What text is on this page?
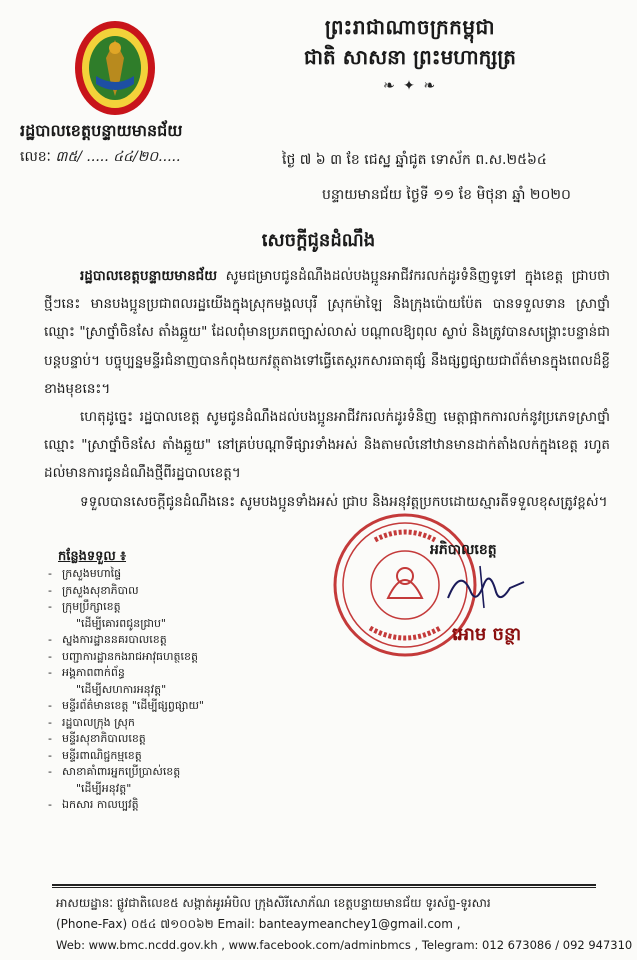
ព្រះរាជាណាចក្រកម្ពុជា
ជាតិ សាសនា ព្រះមហាក្សត្រ
❧ ✦ ❧
រដ្ឋបាលខេត្តបន្ទាយមានជ័យ
លេខៈ ៣៥/ ..... ៤៤/២០.....	ថ្ងៃ ៧ ៦ ៣ ខែ ជេស្ឋ ឆ្នាំជូត ទោស័ក ព.ស.២៥៦៤
បន្ទាយមានជ័យ ថ្ងៃទី ១១ ខែ មិថុនា ឆ្នាំ ២០២០
សេចក្តីជូនដំណឹង

រដ្ឋបាលខេត្តបន្ទាយមានជ័យ សូមជម្រាបជូនដំណឹងដល់បងប្អូនអាជីវករលក់ដូរទំនិញទូទៅ ក្នុងខេត្ត ជ្រាបថា ថ្មីៗនេះ មានបងប្អូនប្រជាពលរដ្ឋយើងក្នុងស្រុកមង្គលបុរី ស្រុកម៉ាឡៃ និងក្រុងប៉ោយប៉ែត បានទទួលទាន ស្រាថ្នាំ ឈ្មោះ "ស្រាថ្នាំចិនសែ តាំងឆ្អួយ" ដែលពុំមានប្រភពច្បាស់លាស់ បណ្តាលឱ្យពុល ស្លាប់ និងត្រូវបានសង្គ្រោះបន្ទាន់ជាបន្តបន្ទាប់។ បច្ចុប្បន្នមន្ទីរជំនាញបានកំពុងយកវត្ថុតាងទៅធ្វើតេស្តរកសារធាតុផ្សំ នឹងផ្សព្វផ្សាយជាព័ត៌មានក្នុងពេលដ៏ខ្លីខាងមុខនេះ។

ហេតុដូច្នេះ រដ្ឋបាលខេត្ត សូមជូនដំណឹងដល់បងប្អូនអាជីវករលក់ដូរទំនិញ មេត្តាផ្អាកការលក់នូវប្រភេទស្រាថ្នាំ ឈ្មោះ "ស្រាថ្នាំចិនសែ តាំងឆ្អួយ" នៅគ្រប់បណ្តាទីផ្សារទាំងអស់ និងតាមលំនៅឋានមានដាក់តាំងលក់ក្នុងខេត្ត រហូតដល់មានការជូនដំណឹងថ្មីពីរដ្ឋបាលខេត្ត។

ទទួលបានសេចក្តីជូនដំណឹងនេះ សូមបងប្អូនទាំងអស់ ជ្រាប និងអនុវត្តប្រកបដោយស្មារតីទទួលខុសត្រូវខ្ពស់។

អភិបាលខេត្ត
អោម ចន្ថា
កន្លែងទទួល ៖
- ក្រសួងមហាផ្ទៃ
- ក្រសួងសុខាភិបាល
- ក្រុមប្រឹក្សាខេត្ត
"ដើម្បីគោរពជូនជ្រាប"
- ស្នងការដ្ឋាននគរបាលខេត្ត
- បញ្ជាការដ្ឋានកងរាជអាវុធហត្ថខេត្ត
- អង្គភាពពាក់ព័ន្ធ
"ដើម្បីសហការអនុវត្ត"
- មន្ទីរព័ត៌មានខេត្ត "ដើម្បីផ្សព្វផ្សាយ"
- រដ្ឋបាលក្រុង ស្រុក
- មន្ទីរសុខាភិបាលខេត្ត
- មន្ទីរពាណិជ្ជកម្មខេត្ត
- សាខាគាំពារអ្នកប្រើប្រាស់ខេត្ត
"ដើម្បីអនុវត្ត"
- ឯកសារ កាលប្បវត្តិ
អាសយដ្ឋានៈ ផ្លូវជាតិលេខ៥ សង្កាត់អូរអំបិល ក្រុងសិរីសោភ័ណ ខេត្តបន្ទាយមានជ័យ ទូរស័ព្ទ-ទូរសារ
(Phone-Fax) ០៥៤ ៧១០០៦២ Email: banteaymeanchey1@gmail.com ,
Web: www.bmc.ncdd.gov.kh , www.facebook.com/adminbmcs , Telegram: 012 673086 / 092 947310
